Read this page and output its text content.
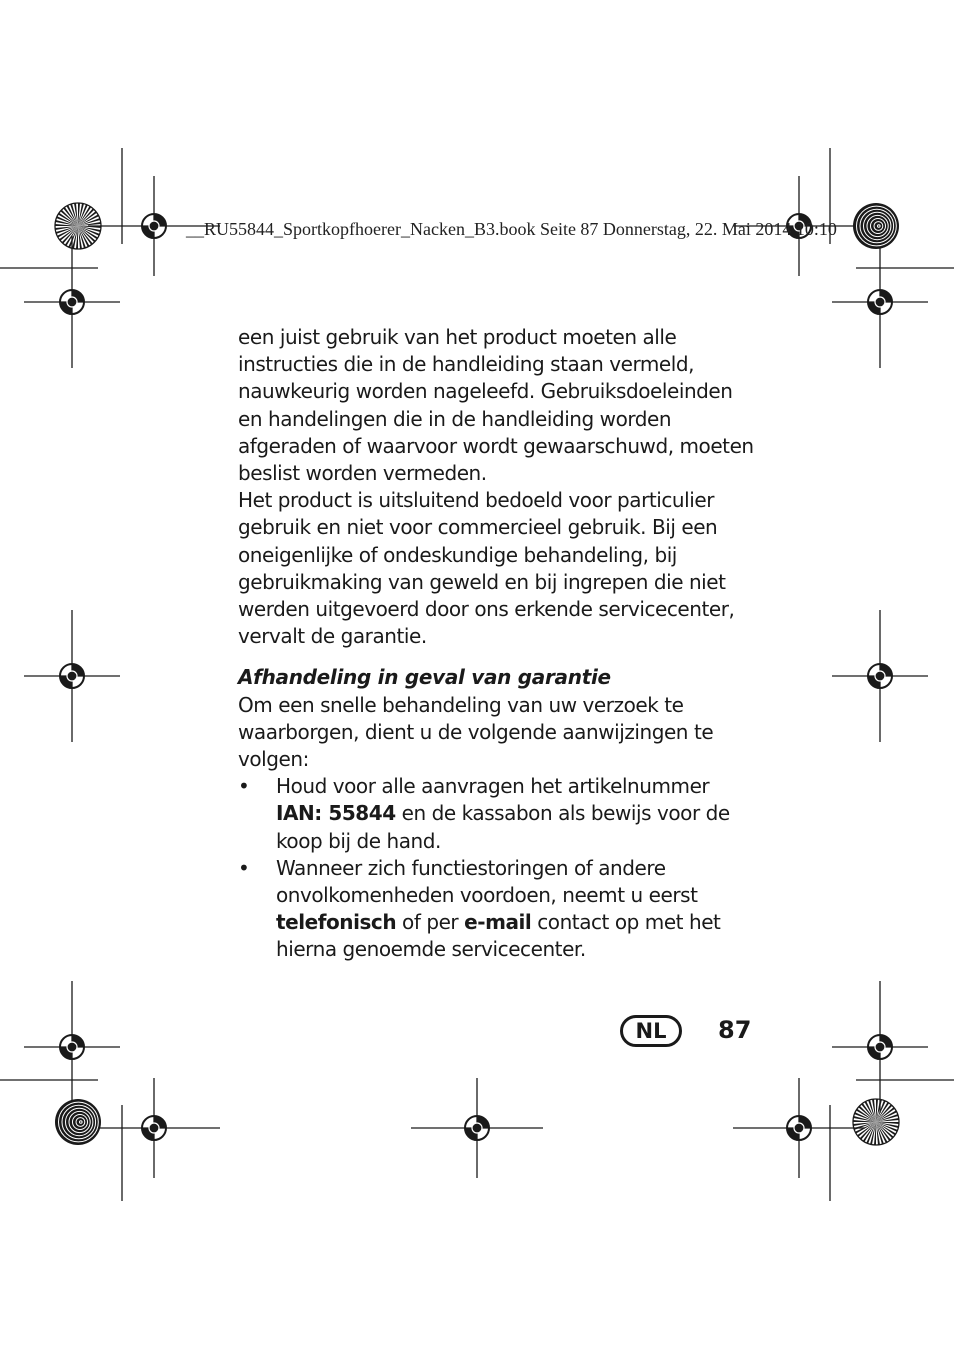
__RU55844_Sportkopfhoerer_Nacken_B3.book Seite 87 Donnerstag, 22. Mai 2014 10:10

een juist gebruik van het product moeten alle instructies die in de handleiding staan vermeld, nauwkeurig worden nageleefd. Gebruiksdoeleinden en handelingen die in de handleiding worden afgeraden of waarvoor wordt gewaarschuwd, moeten beslist worden vermeden.

Het product is uitsluitend bedoeld voor particulier gebruik en niet voor commercieel gebruik. Bij een oneigenlijke of ondeskundige behandeling, bij gebruikmaking van geweld en bij ingrepen die niet werden uitgevoerd door ons erkende servicecenter, vervalt de garantie.

Afhandeling in geval van garantie

Om een snelle behandeling van uw verzoek te waarborgen, dient u de volgende aanwijzingen te volgen:

• Houd voor alle aanvragen het artikelnummer IAN: 55844 en de kassabon als bewijs voor de koop bij de hand.
• Wanneer zich functiestoringen of andere onvolkomenheden voordoen, neemt u eerst telefonisch of per e-mail contact op met het hierna genoemde servicecenter.
NL	87
